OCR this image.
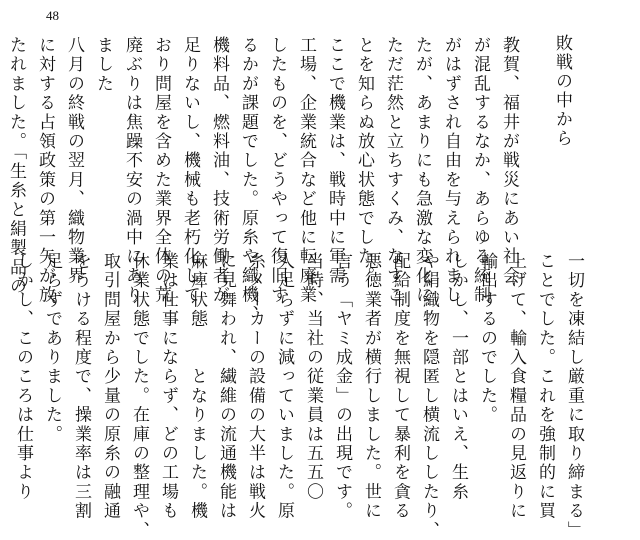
48
敗戦の中から
教賀、福井が戦災にあい社会
が混乱するなか、あらゆる統制
がはずされ自由を与えられまし
たが、あまりにも急激な変化に
ただ茫然と立ちすくみ、なすこ
とを知らぬ放心状態でした。
ここで機業は、戦時中に軍需
工場、企業統合など他に転廃業
したものを、どうやって復旧す
るかが課題でした。原糸や織機、
機料品、燃料油、技術労働者が
足りないし、機械も老朽化して
おり問屋を含めた業界全体の荒
廃ぶりは焦躁不安の渦中にあり
ました
八月の終戦の翌月、織物業界
に対する占領政策の第一矢が放
たれました。「生糸と絹製品の
一切を凍結し厳重に取り締まる」
ことでした。これを強制的に買
上げて、輸入食糧品の見返りに
輸出するのでした。
しかし、一部とはいえ、生糸
や絹織物を隠匿し横流ししたり、
配給制度を無視して暴利を貪る
悪徳業者が横行しました。世に
言う「ヤミ成金」の出現です。
当時、当社の従業員は五五〇
人足らずに減っていました。原
糸メーカーの設備の大半は戦火
に見舞われ、繊維の流通機能は
麻痺状態　　となりました。機
業は仕事にならず、どの工場も
休業状態でした。在庫の整理や、
取引問屋から少量の原糸の融通
をうける程度で、操業率は三割
足らずでありました。
しかし、このころは仕事より
